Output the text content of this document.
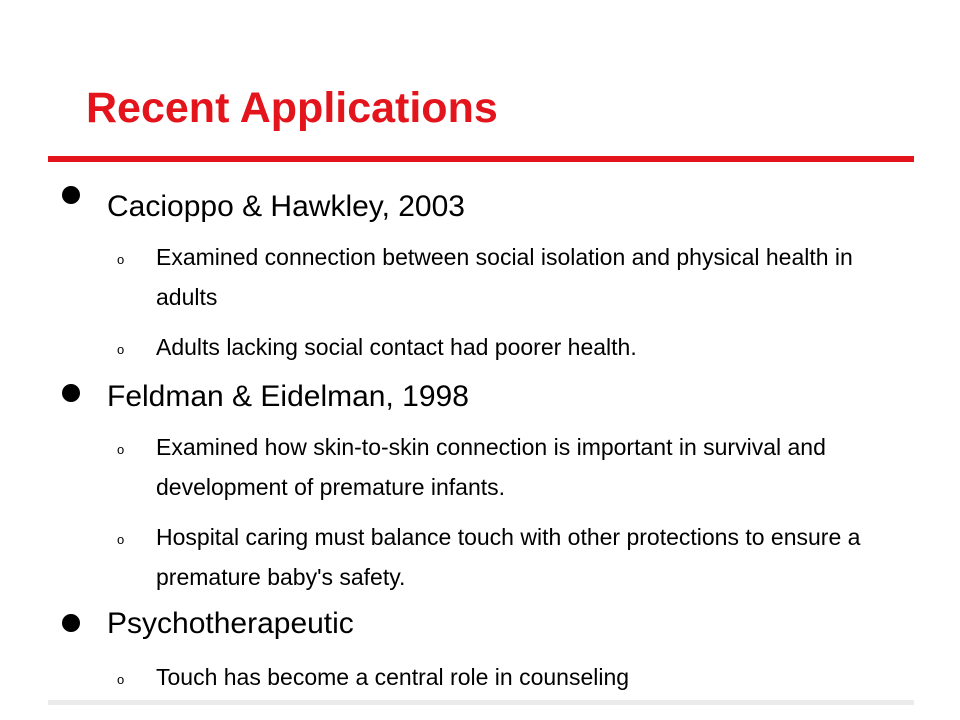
Recent Applications
Cacioppo & Hawkley, 2003
o Examined connection between social isolation and physical health in adults
o Adults lacking social contact had poorer health.
Feldman & Eidelman, 1998
o Examined how skin-to-skin connection is important in survival and development of premature infants.
o Hospital caring must balance touch with other protections to ensure a premature baby's safety.
Psychotherapeutic
o Touch has become a central role in counseling
